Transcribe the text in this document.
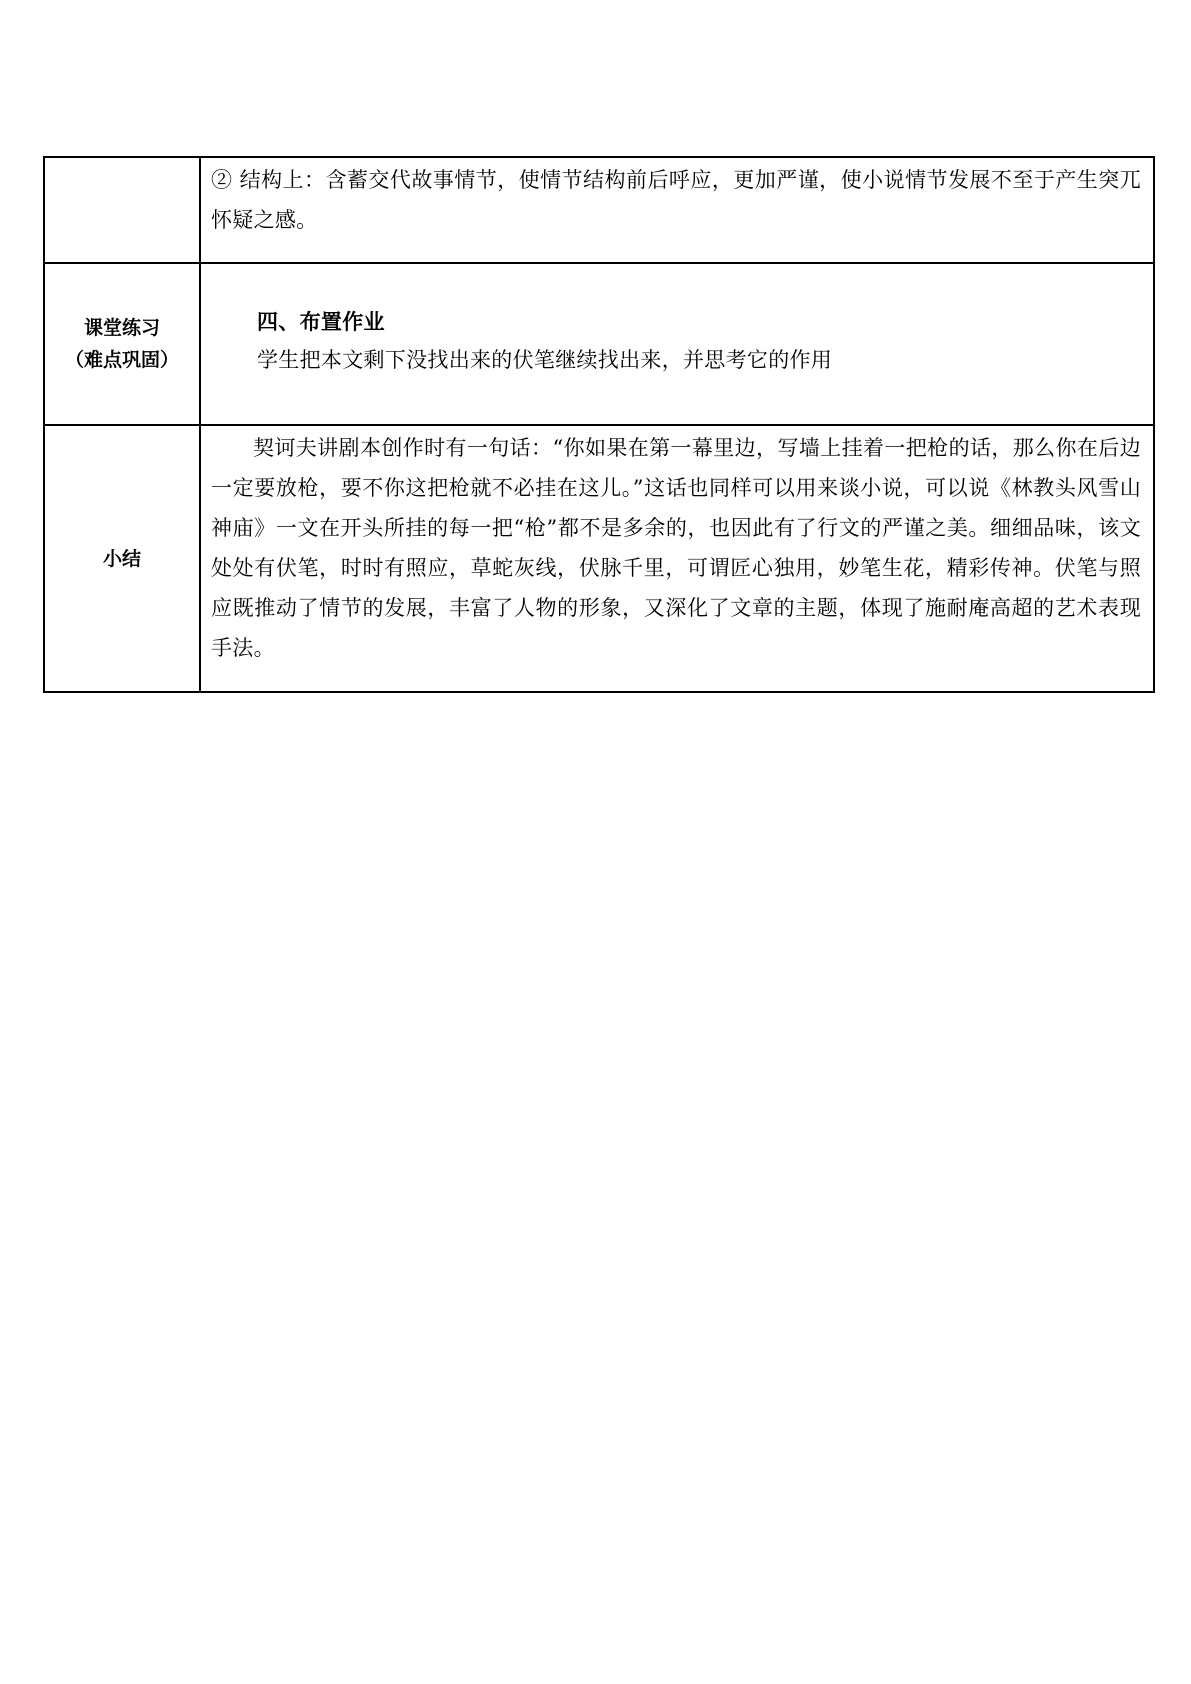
	② 结构上：含蓄交代故事情节，使情节结构前后呼应，更加严谨，使小说情节发展不至于产生突兀怀疑之感。

课堂练习
（难点巩固）	四、布置作业
学生把本文剩下没找出来的伏笔继续找出来，并思考它的作用

小结	契诃夫讲剧本创作时有一句话：“你如果在第一幕里边，写墙上挂着一把枪的话，那么你在后边一定要放枪，要不你这把枪就不必挂在这儿。”这话也同样可以用来谈小说，可以说《林教头风雪山神庙》一文在开头所挂的每一把“枪”都不是多余的，也因此有了行文的严谨之美。细细品味，该文处处有伏笔，时时有照应，草蛇灰线，伏脉千里，可谓匠心独用，妙笔生花，精彩传神。伏笔与照应既推动了情节的发展，丰富了人物的形象，又深化了文章的主题，体现了施耐庵高超的艺术表现手法。
